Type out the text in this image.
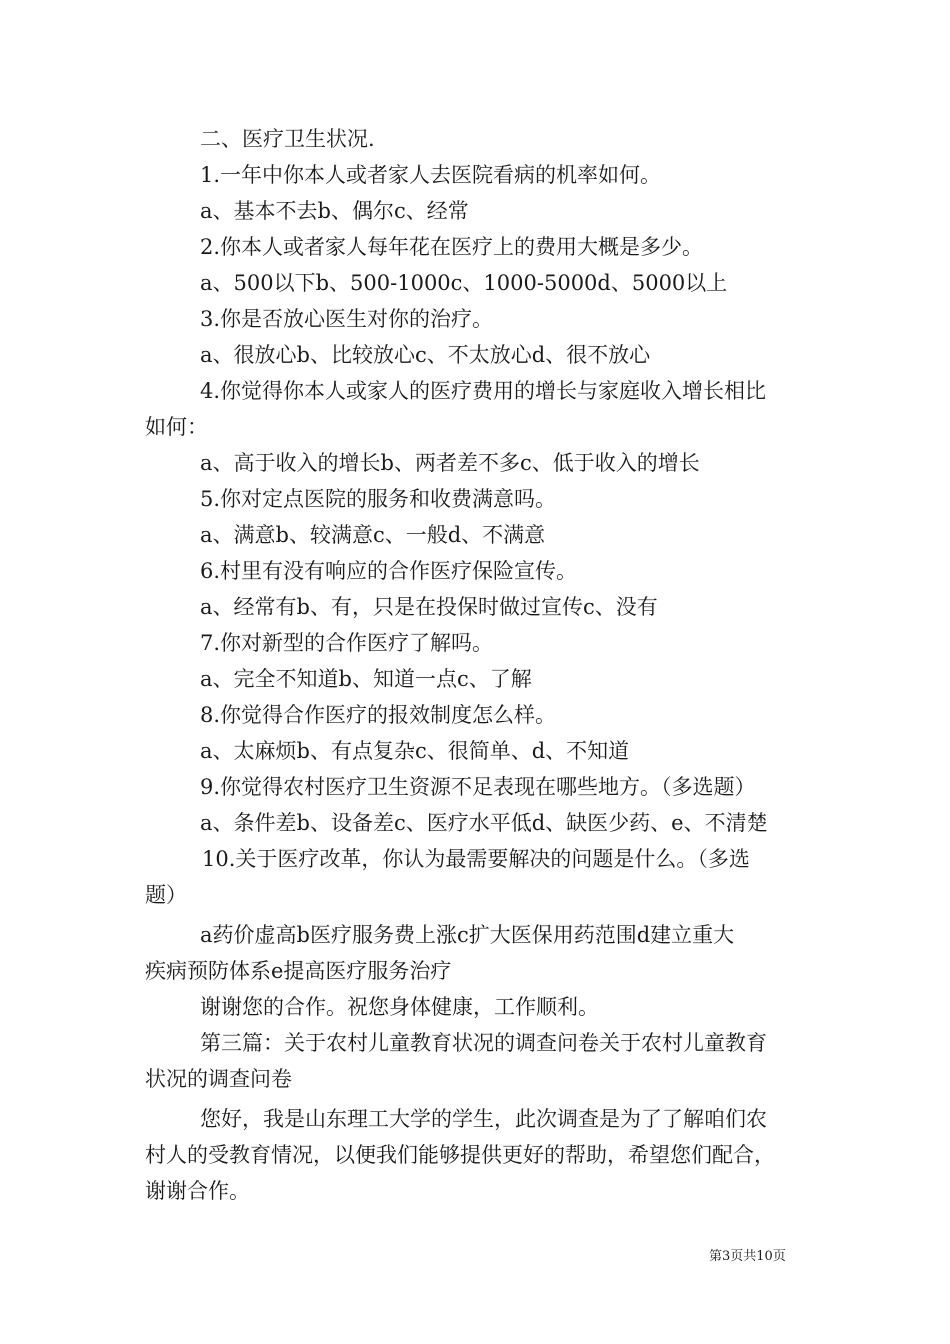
二、医疗卫生状况.
1.一年中你本人或者家人去医院看病的机率如何。
a、基本不去b、偶尔c、经常
2.你本人或者家人每年花在医疗上的费用大概是多少。
a、500以下b、500-1000c、1000-5000d、5000以上
3.你是否放心医生对你的治疗。
a、很放心b、比较放心c、不太放心d、很不放心
4.你觉得你本人或家人的医疗费用的增长与家庭收入增长相比
如何：
a、高于收入的增长b、两者差不多c、低于收入的增长
5.你对定点医院的服务和收费满意吗。
a、满意b、较满意c、一般d、不满意
6.村里有没有响应的合作医疗保险宣传。
a、经常有b、有，只是在投保时做过宣传c、没有
7.你对新型的合作医疗了解吗。
a、完全不知道b、知道一点c、了解
8.你觉得合作医疗的报效制度怎么样。
a、太麻烦b、有点复杂c、很简单、d、不知道
9.你觉得农村医疗卫生资源不足表现在哪些地方。（多选题）
a、条件差b、设备差c、医疗水平低d、缺医少药、e、不清楚
10.关于医疗改革，你认为最需要解决的问题是什么。（多选
题）
a药价虚高b医疗服务费上涨c扩大医保用药范围d建立重大
疾病预防体系e提高医疗服务治疗
谢谢您的合作。祝您身体健康，工作顺利。
第三篇：关于农村儿童教育状况的调查问卷关于农村儿童教育
状况的调查问卷
您好，我是山东理工大学的学生，此次调查是为了了解咱们农
村人的受教育情况，以便我们能够提供更好的帮助，希望您们配合，
谢谢合作。
第3页共10页
